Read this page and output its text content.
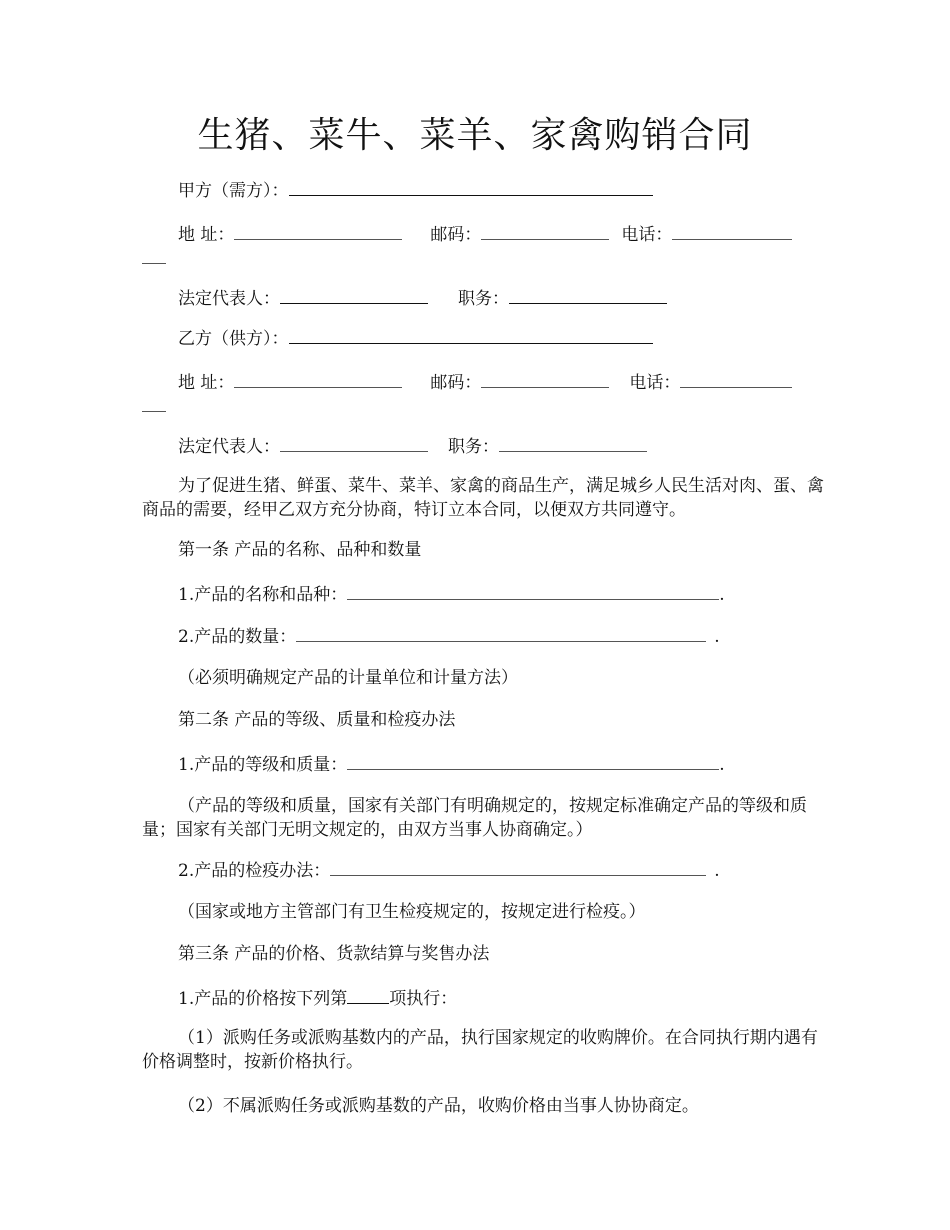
生猪、菜牛、菜羊、家禽购销合同
甲方（需方）：
地 址：	邮码：	电话：
法定代表人：	职务：
乙方（供方）：
地 址：	邮码：	电话：
法定代表人：	职务：
为了促进生猪、鲜蛋、菜牛、菜羊、家禽的商品生产，满足城乡人民生活对肉、蛋、禽商品的需要，经甲乙双方充分协商，特订立本合同，以便双方共同遵守。
第一条 产品的名称、品种和数量
1.产品的名称和品种：	.
2.产品的数量：	.
（必须明确规定产品的计量单位和计量方法）
第二条 产品的等级、质量和检疫办法
1.产品的等级和质量：	.
（产品的等级和质量，国家有关部门有明确规定的，按规定标准确定产品的等级和质量；国家有关部门无明文规定的，由双方当事人协商确定。）
2.产品的检疫办法：	.
（国家或地方主管部门有卫生检疫规定的，按规定进行检疫。）
第三条 产品的价格、货款结算与奖售办法
1.产品的价格按下列第 项执行：
（1）派购任务或派购基数内的产品，执行国家规定的收购牌价。在合同执行期内遇有价格调整时，按新价格执行。
（2）不属派购任务或派购基数的产品，收购价格由当事人协协商定。
